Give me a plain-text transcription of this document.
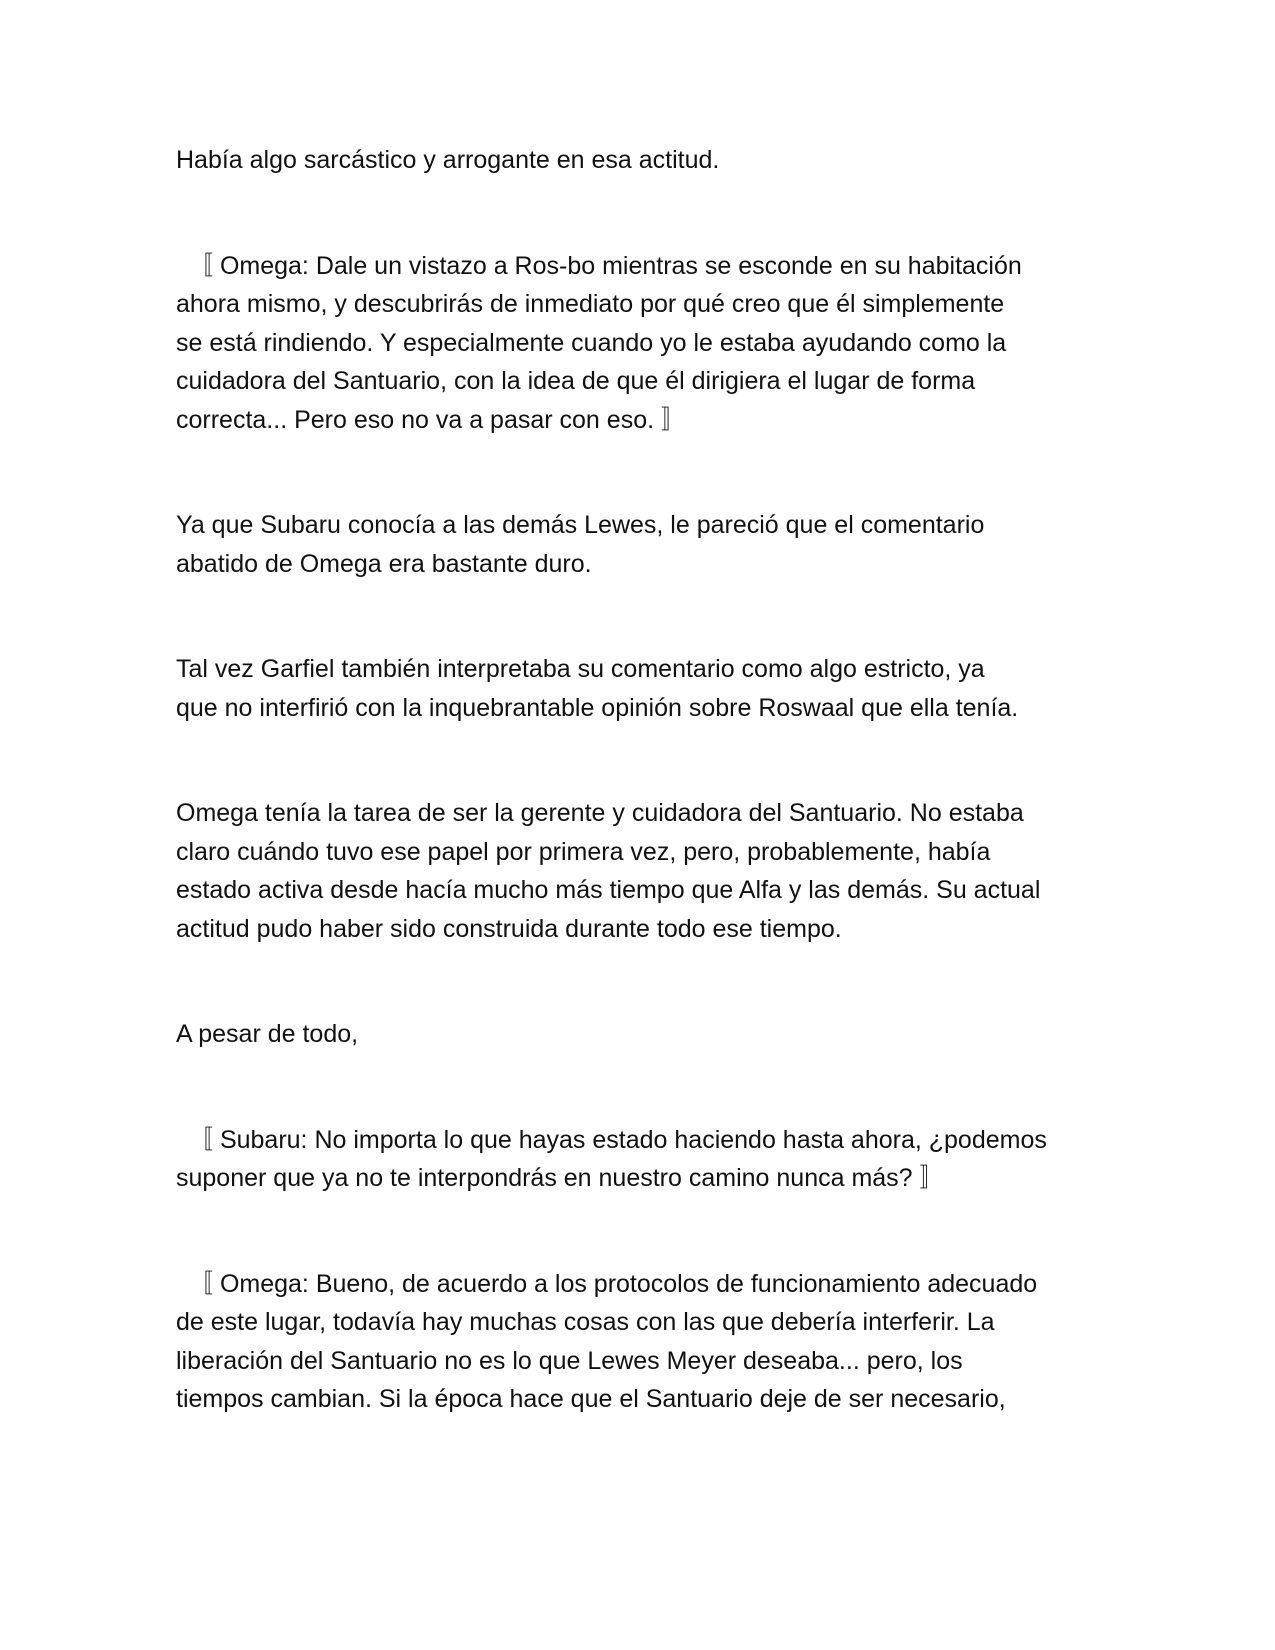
Había algo sarcástico y arrogante en esa actitud.

〚 Omega: Dale un vistazo a Ros-bo mientras se esconde en su habitación
ahora mismo, y descubrirás de inmediato por qué creo que él simplemente
se está rindiendo. Y especialmente cuando yo le estaba ayudando como la
cuidadora del Santuario, con la idea de que él dirigiera el lugar de forma
correcta... Pero eso no va a pasar con eso. 〛

Ya que Subaru conocía a las demás Lewes, le pareció que el comentario
abatido de Omega era bastante duro.

Tal vez Garfiel también interpretaba su comentario como algo estricto, ya
que no interfirió con la inquebrantable opinión sobre Roswaal que ella tenía.

Omega tenía la tarea de ser la gerente y cuidadora del Santuario. No estaba
claro cuándo tuvo ese papel por primera vez, pero, probablemente, había
estado activa desde hacía mucho más tiempo que Alfa y las demás. Su actual
actitud pudo haber sido construida durante todo ese tiempo.

A pesar de todo,

〚 Subaru: No importa lo que hayas estado haciendo hasta ahora, ¿podemos
suponer que ya no te interpondrás en nuestro camino nunca más? 〛

〚 Omega: Bueno, de acuerdo a los protocolos de funcionamiento adecuado
de este lugar, todavía hay muchas cosas con las que debería interferir. La
liberación del Santuario no es lo que Lewes Meyer deseaba... pero, los
tiempos cambian. Si la época hace que el Santuario deje de ser necesario,
